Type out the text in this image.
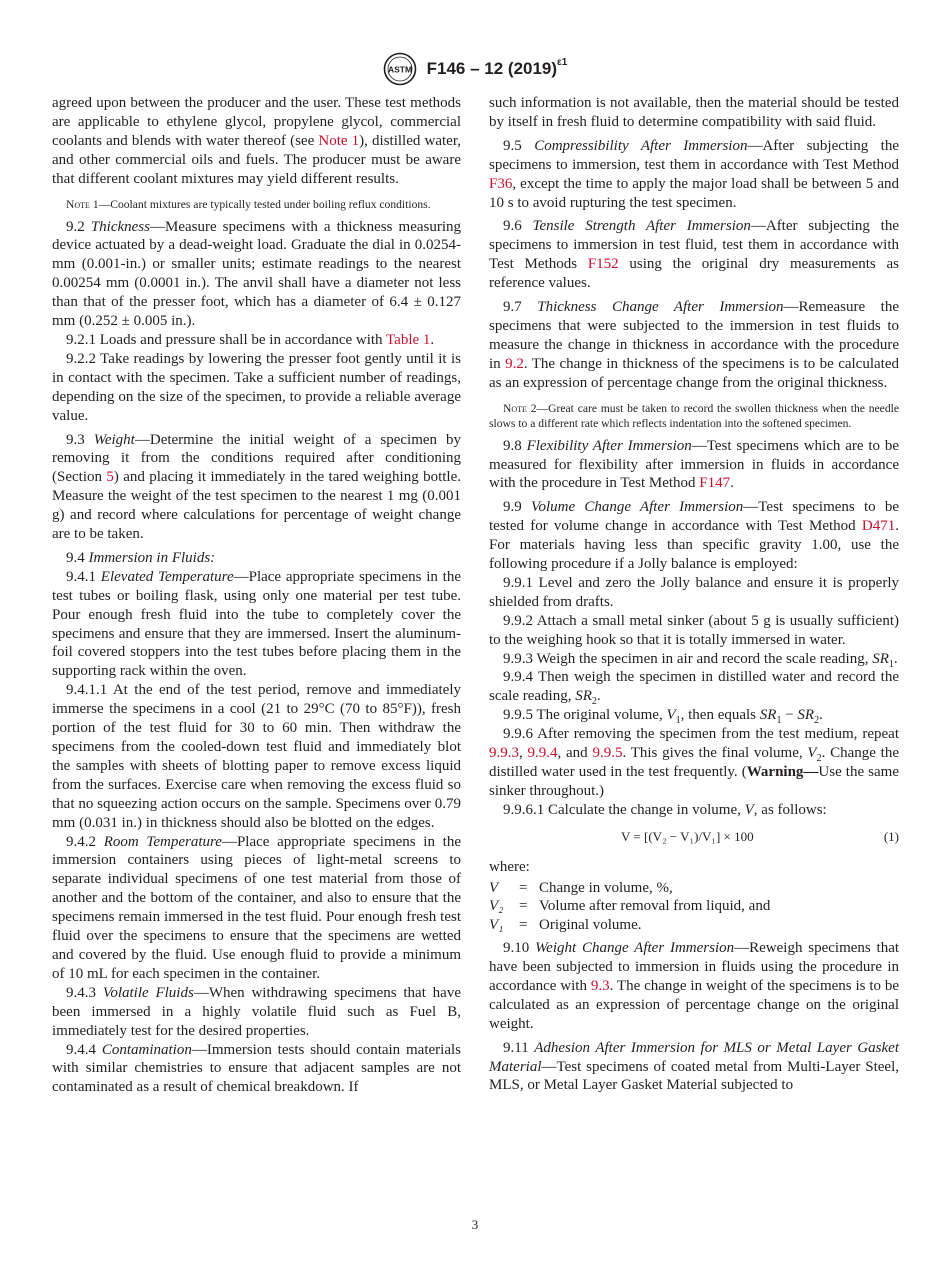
ASTM F146 – 12 $(2019)^{\varepsilon 1}$

agreed upon between the producer and the user. These test methods are applicable to ethylene glycol, propylene glycol, commercial coolants and blends with water thereof (see Note 1), distilled water, and other commercial oils and fuels. The producer must be aware that different coolant mixtures may yield different results.

Note 1—Coolant mixtures are typically tested under boiling reflux conditions.

9.2 Thickness—Measure specimens with a thickness measuring device actuated by a dead-weight load. Graduate the dial in 0.0254-mm (0.001-in.) or smaller units; estimate readings to the nearest 0.00254 mm (0.0001 in.). The anvil shall have a diameter not less than that of the presser foot, which has a diameter of 6.4 ± 0.127 mm (0.252 ± 0.005 in.).

9.2.1 Loads and pressure shall be in accordance with Table 1.

9.2.2 Take readings by lowering the presser foot gently until it is in contact with the specimen. Take a sufficient number of readings, depending on the size of the specimen, to provide a reliable average value.

9.3 Weight—Determine the initial weight of a specimen by removing it from the conditions required after conditioning (Section 5) and placing it immediately in the tared weighing bottle. Measure the weight of the test specimen to the nearest 1 mg (0.001 g) and record where calculations for percentage of weight change are to be taken.

9.4 Immersion in Fluids:

9.4.1 Elevated Temperature—Place appropriate specimens in the test tubes or boiling flask, using only one material per test tube. Pour enough fresh fluid into the tube to completely cover the specimens and ensure that they are immersed. Insert the aluminum-foil covered stoppers into the test tubes before placing them in the supporting rack within the oven.

9.4.1.1 At the end of the test period, remove and immediately immerse the specimens in a cool (21 to 29°C (70 to 85°F)), fresh portion of the test fluid for 30 to 60 min. Then withdraw the specimens from the cooled-down test fluid and immediately blot the samples with sheets of blotting paper to remove excess liquid from the surfaces. Exercise care when removing the excess fluid so that no squeezing action occurs on the sample. Specimens over 0.79 mm (0.031 in.) in thickness should also be blotted on the edges.

9.4.2 Room Temperature—Place appropriate specimens in the immersion containers using pieces of light-metal screens to separate individual specimens of one test material from those of another and the bottom of the container, and also to ensure that the specimens remain immersed in the test fluid. Pour enough fresh test fluid over the specimens to ensure that the specimens are wetted and covered by the fluid. Use enough fluid to provide a minimum of 10 mL for each specimen in the container.

9.4.3 Volatile Fluids—When withdrawing specimens that have been immersed in a highly volatile fluid such as Fuel B, immediately test for the desired properties.

9.4.4 Contamination—Immersion tests should contain materials with similar chemistries to ensure that adjacent samples are not contaminated as a result of chemical breakdown. If

such information is not available, then the material should be tested by itself in fresh fluid to determine compatibility with said fluid.

9.5 Compressibility After Immersion—After subjecting the specimens to immersion, test them in accordance with Test Method F36, except the time to apply the major load shall be between 5 and 10 s to avoid rupturing the test specimen.

9.6 Tensile Strength After Immersion—After subjecting the specimens to immersion in test fluid, test them in accordance with Test Methods F152 using the original dry measurements as reference values.

9.7 Thickness Change After Immersion—Remeasure the specimens that were subjected to the immersion in test fluids to measure the change in thickness in accordance with the procedure in 9.2. The change in thickness of the specimens is to be calculated as an expression of percentage change from the original thickness.

Note 2—Great care must be taken to record the swollen thickness when the needle slows to a different rate which reflects indentation into the softened specimen.

9.8 Flexibility After Immersion—Test specimens which are to be measured for flexibility after immersion in fluids in accordance with the procedure in Test Method F147.

9.9 Volume Change After Immersion—Test specimens to be tested for volume change in accordance with Test Method D471. For materials having less than specific gravity 1.00, use the following procedure if a Jolly balance is employed:

9.9.1 Level and zero the Jolly balance and ensure it is properly shielded from drafts.

9.9.2 Attach a small metal sinker (about 5 g is usually sufficient) to the weighing hook so that it is totally immersed in water.

9.9.3 Weigh the specimen in air and record the scale reading, $SR_1$.

9.9.4 Then weigh the specimen in distilled water and record the scale reading, $SR_2$.

9.9.5 The original volume, $V_1$, then equals $SR_1 - SR_2$.

9.9.6 After removing the specimen from the test medium, repeat 9.9.3, 9.9.4, and 9.9.5. This gives the final volume, $V_2$. Change the distilled water used in the test frequently. (Warning—Use the same sinker throughout.)

9.9.6.1 Calculate the change in volume, V, as follows:

V = [(V₂ − V₁)/V₁] × 100	(1)

where:

V	= Change in volume, %,
V₂	= Volume after removal from liquid, and
V₁	= Original volume.

9.10 Weight Change After Immersion—Reweigh specimens that have been subjected to immersion in fluids using the procedure in accordance with 9.3. The change in weight of the specimens is to be calculated as an expression of percentage change on the original weight.

9.11 Adhesion After Immersion for MLS or Metal Layer Gasket Material—Test specimens of coated metal from Multi-Layer Steel, MLS, or Metal Layer Gasket Material subjected to

3
